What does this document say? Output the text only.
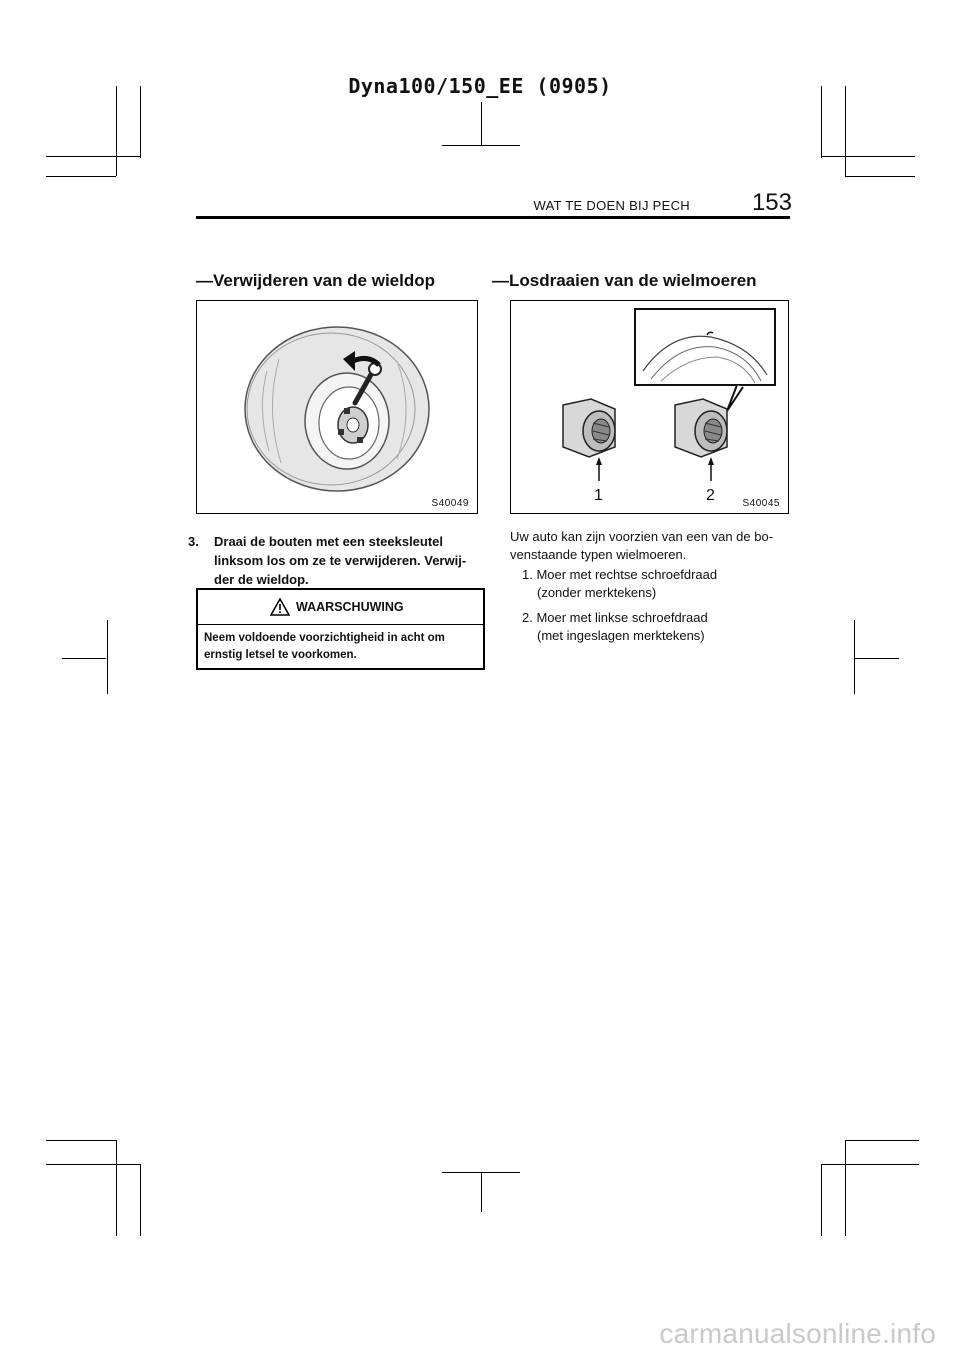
Dyna100/150_EE (0905)
WAT TE DOEN BIJ PECH	153
—Verwijderen van de wieldop
S40049
3. Draai de bouten met een steeksleutel linksom los om ze te verwijderen. Verwij-der de wieldop.
WAARSCHUWING
Neem voldoende voorzichtigheid in acht om ernstig letsel te voorkomen.
—Losdraaien van de wielmoeren
1	2	S40045
Uw auto kan zijn voorzien van een van de bo-venstaande typen wielmoeren.
1. Moer met rechtse schroefdraad
(zonder merktekens)
2. Moer met linkse schroefdraad
(met ingeslagen merktekens)
carmanualsonline.info
